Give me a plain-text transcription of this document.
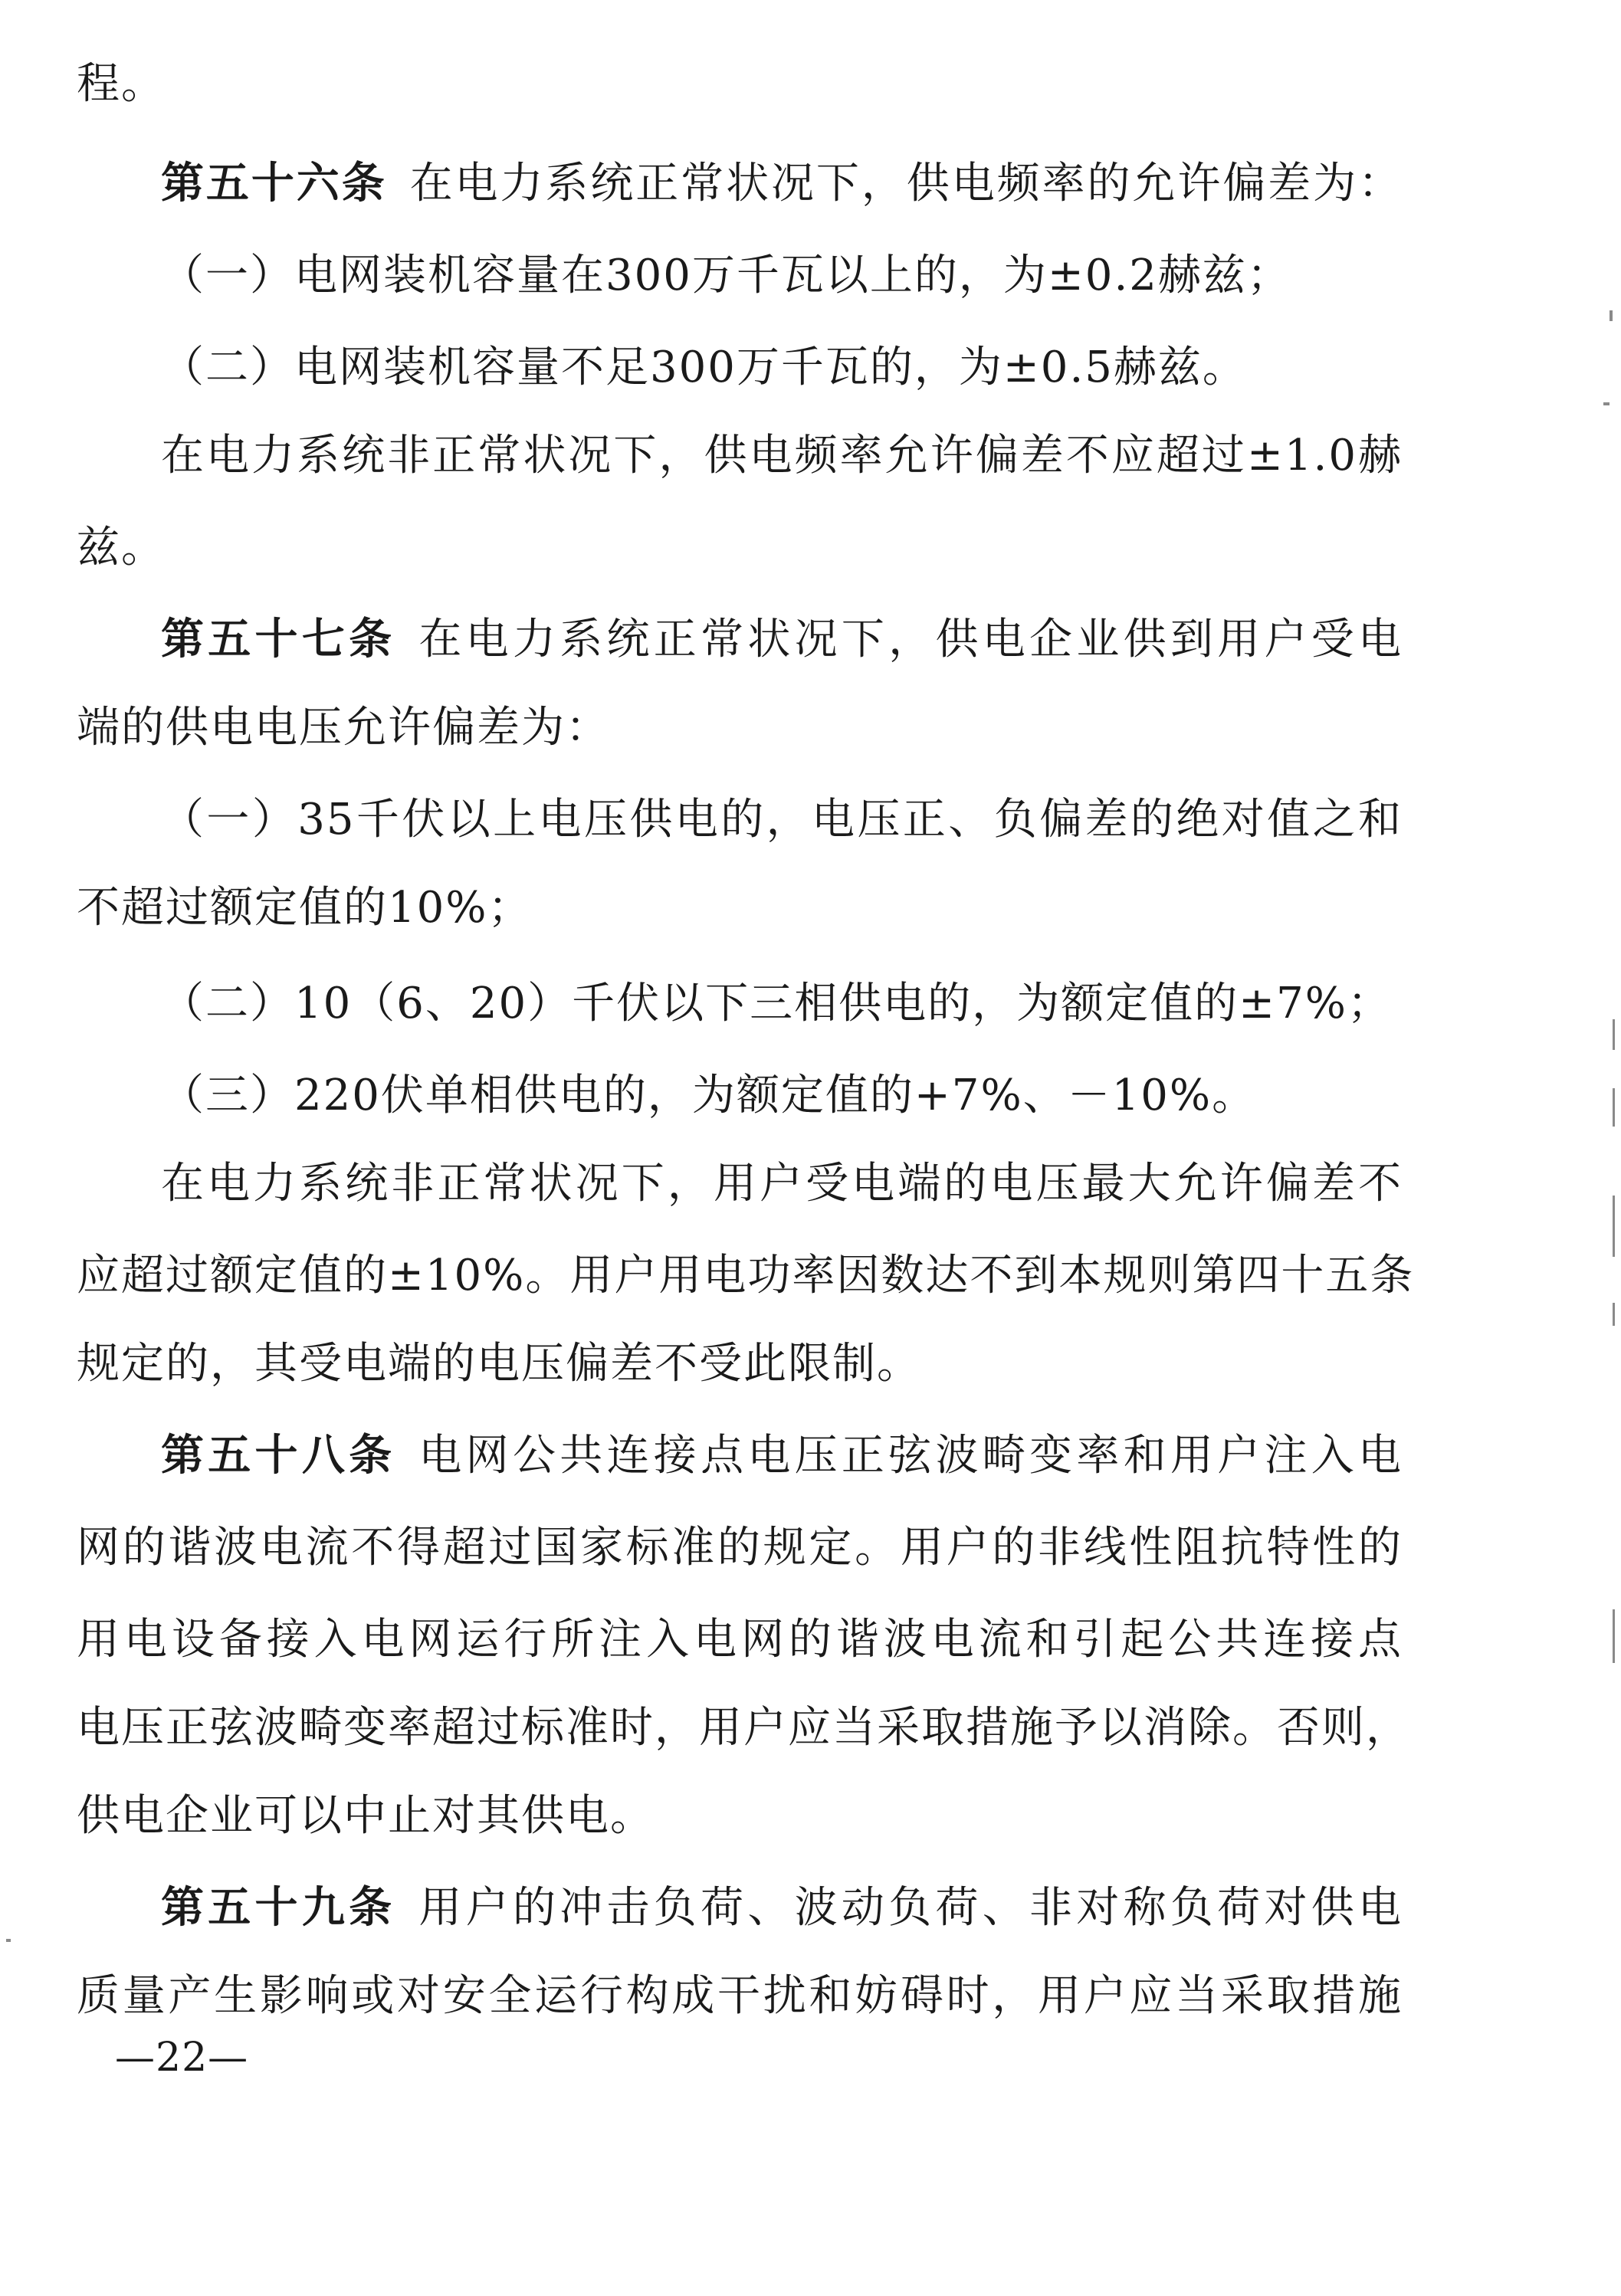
程。
第五十六条 在电力系统正常状况下，供电频率的允许偏差为：
（一）电网装机容量在300万千瓦以上的，为±0.2赫兹；
（二）电网装机容量不足300万千瓦的，为±0.5赫兹。
在电力系统非正常状况下，供电频率允许偏差不应超过±1.0赫
兹。
第五十七条 在电力系统正常状况下，供电企业供到用户受电
端的供电电压允许偏差为：
（一）35千伏以上电压供电的，电压正、负偏差的绝对值之和
不超过额定值的10%；
（二）10（6、20）千伏以下三相供电的，为额定值的±7%；
（三）220伏单相供电的，为额定值的+7%、－10%。
在电力系统非正常状况下，用户受电端的电压最大允许偏差不
应超过额定值的±10%。用户用电功率因数达不到本规则第四十五条
规定的，其受电端的电压偏差不受此限制。
第五十八条 电网公共连接点电压正弦波畸变率和用户注入电
网的谐波电流不得超过国家标准的规定。用户的非线性阻抗特性的
用电设备接入电网运行所注入电网的谐波电流和引起公共连接点
电压正弦波畸变率超过标准时，用户应当采取措施予以消除。否则，
供电企业可以中止对其供电。
第五十九条 用户的冲击负荷、波动负荷、非对称负荷对供电
质量产生影响或对安全运行构成干扰和妨碍时，用户应当采取措施
—22—
